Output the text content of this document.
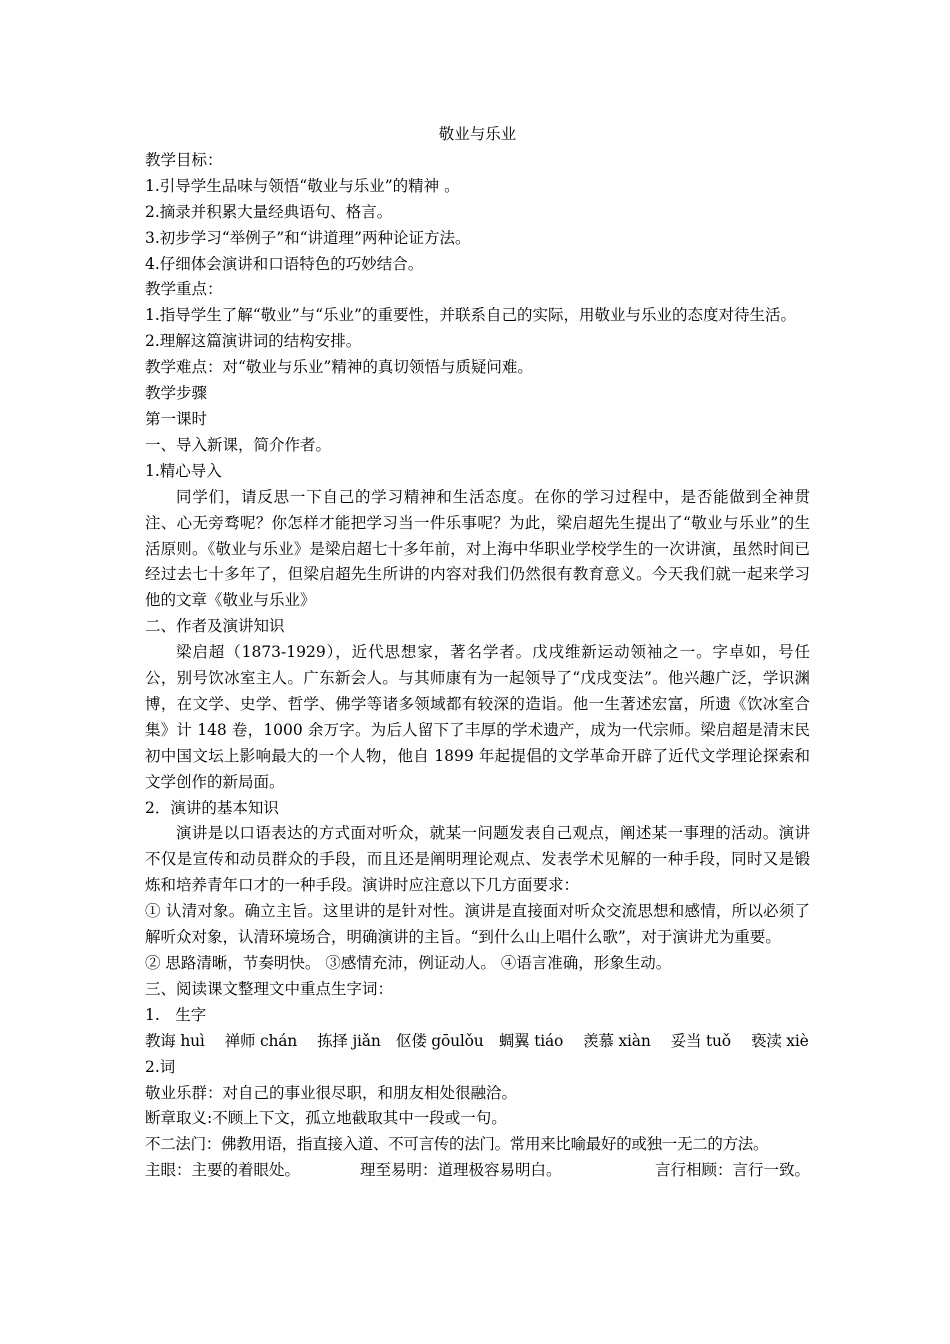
敬业与乐业

教学目标：

1.引导学生品味与领悟“敬业与乐业”的精神 。

2.摘录并积累大量经典语句、格言。

3.初步学习“举例子”和“讲道理”两种论证方法。

4.仔细体会演讲和口语特色的巧妙结合。

教学重点：

1.指导学生了解“敬业”与“乐业”的重要性，并联系自己的实际，用敬业与乐业的态度对待生活。

2.理解这篇演讲词的结构安排。

教学难点：对“敬业与乐业”精神的真切领悟与质疑问难。

教学步骤

第一课时

一、导入新课，简介作者。

1.精心导入

同学们，请反思一下自己的学习精神和生活态度。在你的学习过程中，是否能做到全神贯注、心无旁骛呢？你怎样才能把学习当一件乐事呢？为此，梁启超先生提出了“敬业与乐业”的生活原则。《敬业与乐业》是梁启超七十多年前，对上海中华职业学校学生的一次讲演，虽然时间已经过去七十多年了，但梁启超先生所讲的内容对我们仍然很有教育意义。今天我们就一起来学习他的文章《敬业与乐业》

二、作者及演讲知识

梁启超（1873-1929），近代思想家，著名学者。戊戌维新运动领袖之一。字卓如，号任公，别号饮冰室主人。广东新会人。与其师康有为一起领导了“戊戌变法”。他兴趣广泛，学识渊博，在文学、史学、哲学、佛学等诸多领域都有较深的造诣。他一生著述宏富，所遗《饮冰室合集》计 148 卷，1000 余万字。为后人留下了丰厚的学术遗产，成为一代宗师。梁启超是清末民初中国文坛上影响最大的一个人物，他自 1899 年起提倡的文学革命开辟了近代文学理论探索和文学创作的新局面。

2．演讲的基本知识

演讲是以口语表达的方式面对听众，就某一问题发表自己观点，阐述某一事理的活动。演讲不仅是宣传和动员群众的手段，而且还是阐明理论观点、发表学术见解的一种手段，同时又是锻炼和培养青年口才的一种手段。演讲时应注意以下几方面要求：

① 认清对象。确立主旨。这里讲的是针对性。演讲是直接面对听众交流思想和感情，所以必须了解听众对象，认清环境场合，明确演讲的主旨。“到什么山上唱什么歌”，对于演讲尤为重要。

② 思路清晰，节奏明快。 ③感情充沛，例证动人。 ④语言准确，形象生动。

三、阅读课文整理文中重点生字词：

1.　生字

教诲 huì　 禅师 chán　 拣择 jiǎn　伛偻 gōulǒu　蜩翼 tiáo　 羡慕 xiàn　 妥当 tuǒ　 亵渎 xiè

2.词

敬业乐群：对自己的事业很尽职，和朋友相处很融洽。

断章取义:不顾上下文，孤立地截取其中一段或一句。

不二法门：佛教用语，指直接入道、不可言传的法门。常用来比喻最好的或独一无二的方法。

主眼：主要的着眼处。	理至易明：道理极容易明白。	言行相顾：言行一致。
